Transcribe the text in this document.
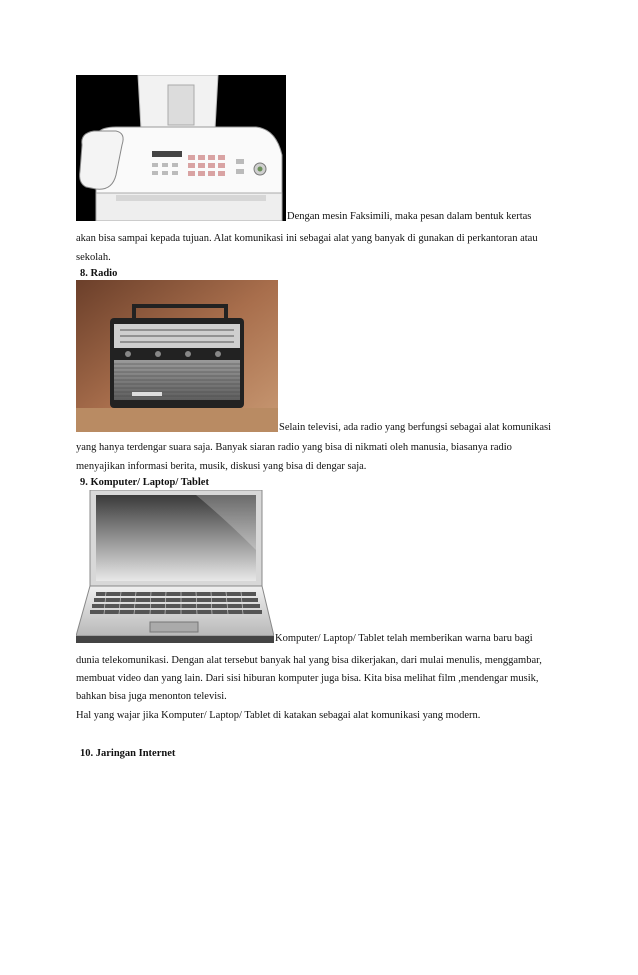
Dengan mesin Faksimili, maka pesan dalam bentuk kertas
akan bisa sampai kepada tujuan. Alat komunikasi ini sebagai alat yang banyak di gunakan di perkantoran atau
sekolah.
8. Radio
Selain televisi, ada radio yang berfungsi sebagai alat komunikasi
yang hanya terdengar suara saja. Banyak siaran radio yang bisa di nikmati oleh manusia, biasanya radio
menyajikan informasi berita, musik, diskusi yang bisa di dengar saja.
9. Komputer/ Laptop/ Tablet
Komputer/ Laptop/ Tablet telah memberikan warna baru bagi
dunia telekomunikasi. Dengan alat tersebut banyak hal yang bisa dikerjakan, dari mulai menulis, menggambar,
membuat video dan yang lain. Dari sisi hiburan komputer juga bisa. Kita bisa melihat film ,mendengar musik,
bahkan bisa juga menonton televisi.
Hal yang wajar jika Komputer/ Laptop/ Tablet di katakan sebagai alat komunikasi yang modern.
10. Jaringan Internet
